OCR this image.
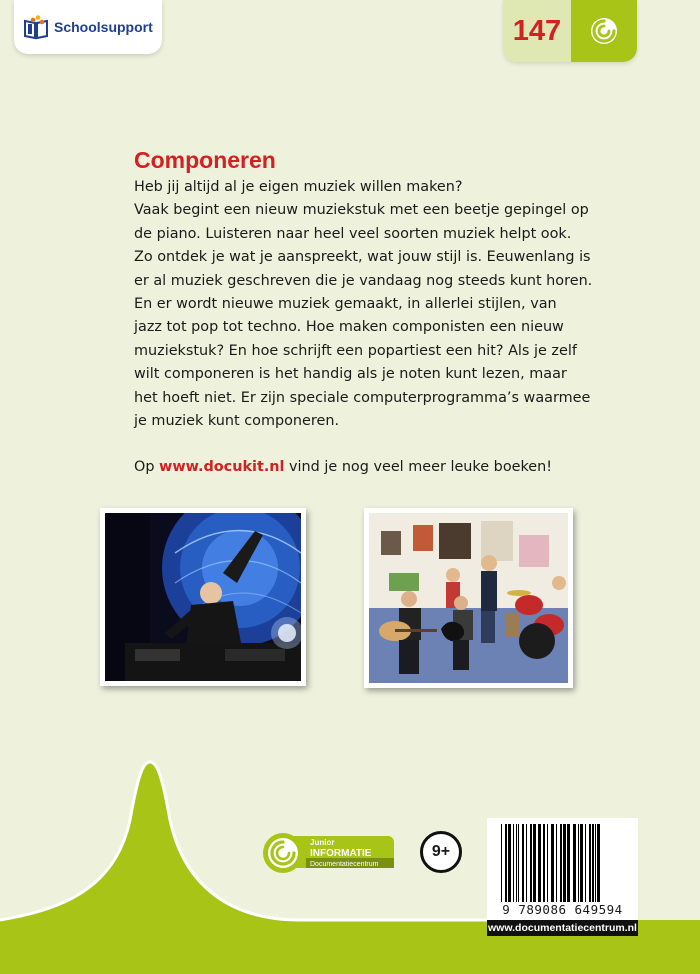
Schoolsupport	147
Componeren
Heb jij altijd al je eigen muziek willen maken?
Vaak begint een nieuw muziekstuk met een beetje gepingel op
de piano. Luisteren naar heel veel soorten muziek helpt ook.
Zo ontdek je wat je aanspreekt, wat jouw stijl is. Eeuwenlang is
er al muziek geschreven die je vandaag nog steeds kunt horen.
En er wordt nieuwe muziek gemaakt, in allerlei stijlen, van
jazz tot pop tot techno. Hoe maken componisten een nieuw
muziekstuk? En hoe schrijft een popartiest een hit? Als je zelf
wilt componeren is het handig als je noten kunt lezen, maar
het hoeft niet. Er zijn speciale computerprogramma’s waarmee
je muziek kunt componeren.
Op www.docukit.nl vind je nog veel meer leuke boeken!
Junior
INFORMATIE
Documentatiecentrum
9+
9 789086 649594
www.documentatiecentrum.nl
